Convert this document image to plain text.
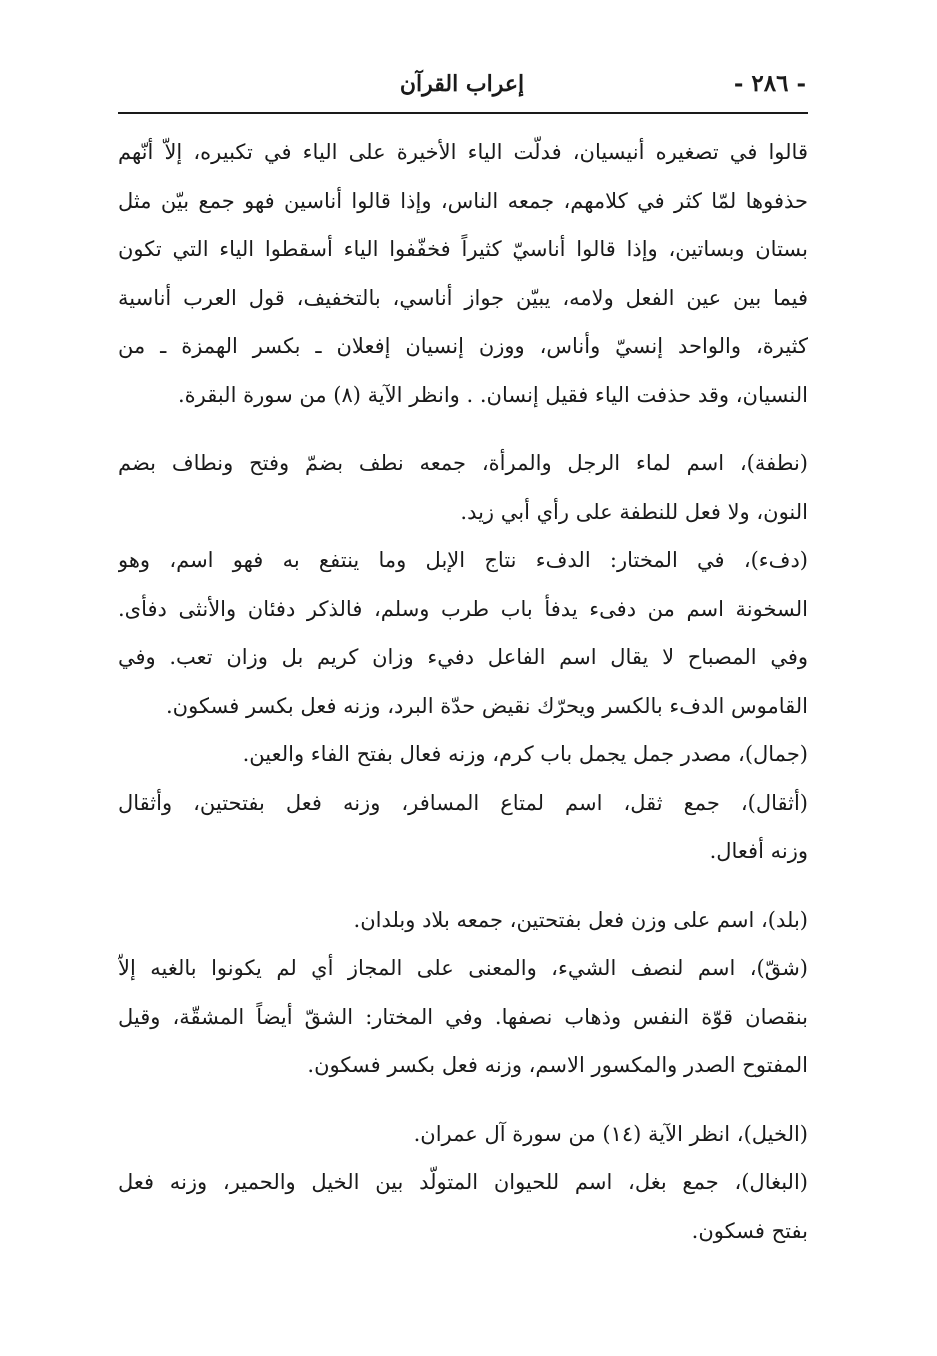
- ٢٨٦ -
إعراب القرآن
قالوا في تصغيره أنيسيان، فدلّت الياء الأخيرة على الياء في تكبيره، إلاّ أنّهم
حذفوها لمّا كثر في كلامهم، جمعه الناس، وإذا قالوا أناسين فهو جمع بيّن مثل
بستان وبساتين، وإذا قالوا أناسيّ كثيراً فخفّفوا الياء أسقطوا الياء التي تكون
فيما بين عين الفعل ولامه، يبيّن جواز أناسي، بالتخفيف، قول العرب أناسية
كثيرة، والواحد إنسيّ وأناس، ووزن إنسيان إفعلان ـ بكسر الهمزة ـ من
النسيان، وقد حذفت الياء فقيل إنسان. . وانظر الآية (٨) من سورة البقرة.
(نطفة)، اسم لماء الرجل والمرأة، جمعه نطف بضمّ وفتح ونطاف بضم
النون، ولا فعل للنطفة على رأي أبي زيد.
(دفء)، في المختار: الدفء نتاج الإبل وما ينتفع به فهو اسم، وهو
السخونة اسم من دفىء يدفأ باب طرب وسلم، فالذكر دفئان والأنثى دفأى.
وفي المصباح لا يقال اسم الفاعل دفيء وزان كريم بل وزان تعب. وفي
القاموس الدفء بالكسر ويحرّك نقيض حدّة البرد، وزنه فعل بكسر فسكون.
(جمال)، مصدر جمل يجمل باب كرم، وزنه فعال بفتح الفاء والعين.
(أثقال)، جمع ثقل، اسم لمتاع المسافر، وزنه فعل بفتحتين، وأثقال
وزنه أفعال.
(بلد)، اسم على وزن فعل بفتحتين، جمعه بلاد وبلدان.
(شقّ)، اسم لنصف الشيء، والمعنى على المجاز أي لم يكونوا بالغيه إلاّ
بنقصان قوّة النفس وذهاب نصفها. وفي المختار: الشقّ أيضاً المشقّة، وقيل
المفتوح الصدر والمكسور الاسم، وزنه فعل بكسر فسكون.
(الخيل)، انظر الآية (١٤) من سورة آل عمران.
(البغال)، جمع بغل، اسم للحيوان المتولّد بين الخيل والحمير، وزنه فعل
بفتح فسكون.
